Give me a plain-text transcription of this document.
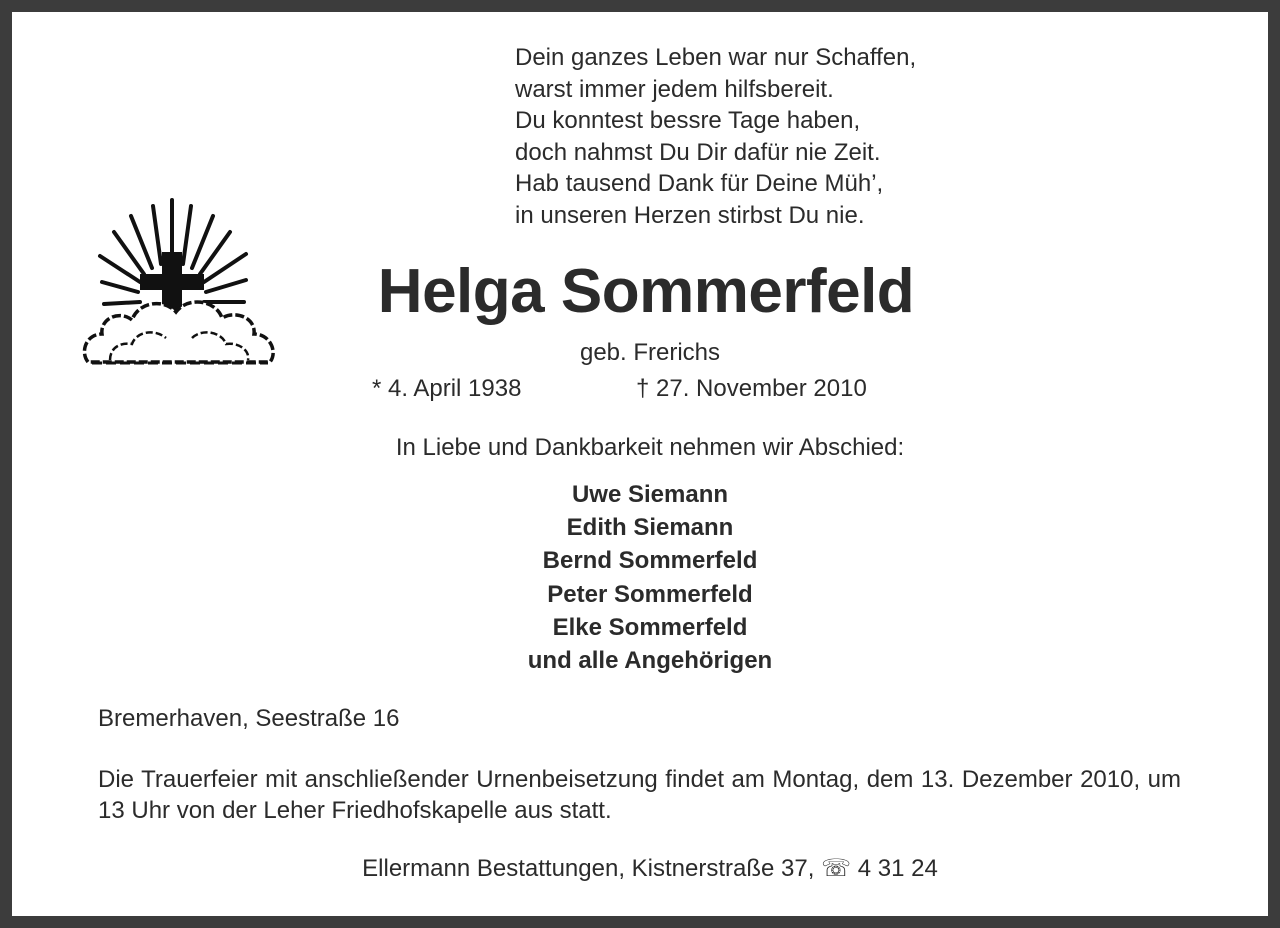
Dein ganzes Leben war nur Schaffen,
warst immer jedem hilfsbereit.
Du konntest bessre Tage haben,
doch nahmst Du Dir dafür nie Zeit.
Hab tausend Dank für Deine Müh’,
in unseren Herzen stirbst Du nie.
Helga Sommerfeld
geb. Frerichs
* 4. April 1938	† 27. November 2010
In Liebe und Dankbarkeit nehmen wir Abschied:
Uwe Siemann
Edith Siemann
Bernd Sommerfeld
Peter Sommerfeld
Elke Sommerfeld
und alle Angehörigen
Bremerhaven, Seestraße 16
Die Trauerfeier mit anschließender Urnenbeisetzung findet am Montag, dem 13. Dezember 2010, um 13 Uhr von der Leher Friedhofskapelle aus statt.
Ellermann Bestattungen, Kistnerstraße 37, ☏ 4 31 24
